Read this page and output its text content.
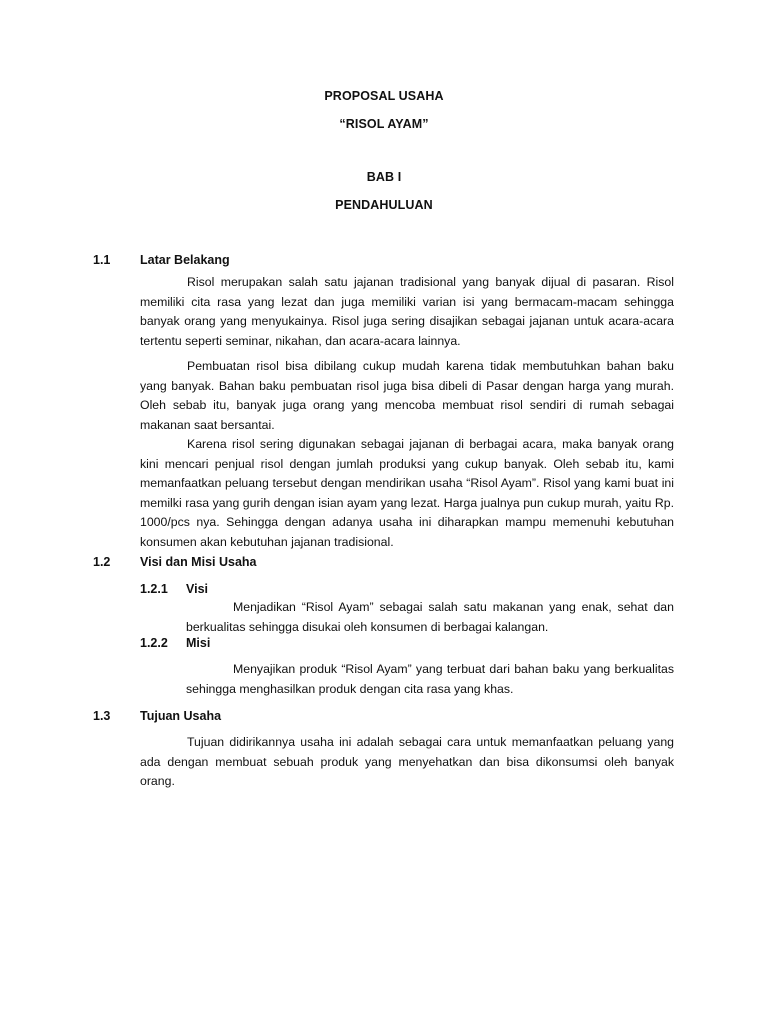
PROPOSAL USAHA
“RISOL AYAM”
BAB I
PENDAHULUAN
1.1 Latar Belakang

Risol merupakan salah satu jajanan tradisional yang banyak dijual di pasaran. Risol memiliki cita rasa yang lezat dan juga memiliki varian isi yang bermacam-macam sehingga banyak orang yang menyukainya. Risol juga sering disajikan sebagai jajanan untuk acara-acara tertentu seperti seminar, nikahan, dan acara-acara lainnya.

Pembuatan risol bisa dibilang cukup mudah karena tidak membutuhkan bahan baku yang banyak. Bahan baku pembuatan risol juga bisa dibeli di Pasar dengan harga yang murah. Oleh sebab itu, banyak juga orang yang mencoba membuat risol sendiri di rumah sebagai makanan saat bersantai.

Karena risol sering digunakan sebagai jajanan di berbagai acara, maka banyak orang kini mencari penjual risol dengan jumlah produksi yang cukup banyak. Oleh sebab itu, kami memanfaatkan peluang tersebut dengan mendirikan usaha “Risol Ayam”. Risol yang kami buat ini memilki rasa yang gurih dengan isian ayam yang lezat. Harga jualnya pun cukup murah, yaitu Rp. 1000/pcs nya. Sehingga dengan adanya usaha ini diharapkan mampu memenuhi kebutuhan konsumen akan kebutuhan jajanan tradisional.

1.2 Visi dan Misi Usaha
1.2.1 Visi

Menjadikan “Risol Ayam” sebagai salah satu makanan yang enak, sehat dan berkualitas sehingga disukai oleh konsumen di berbagai kalangan.

1.2.2 Misi

Menyajikan produk “Risol Ayam” yang terbuat dari bahan baku yang berkualitas sehingga menghasilkan produk dengan cita rasa yang khas.

1.3 Tujuan Usaha

Tujuan didirikannya usaha ini adalah sebagai cara untuk memanfaatkan peluang yang ada dengan membuat sebuah produk yang menyehatkan dan bisa dikonsumsi oleh banyak orang.
